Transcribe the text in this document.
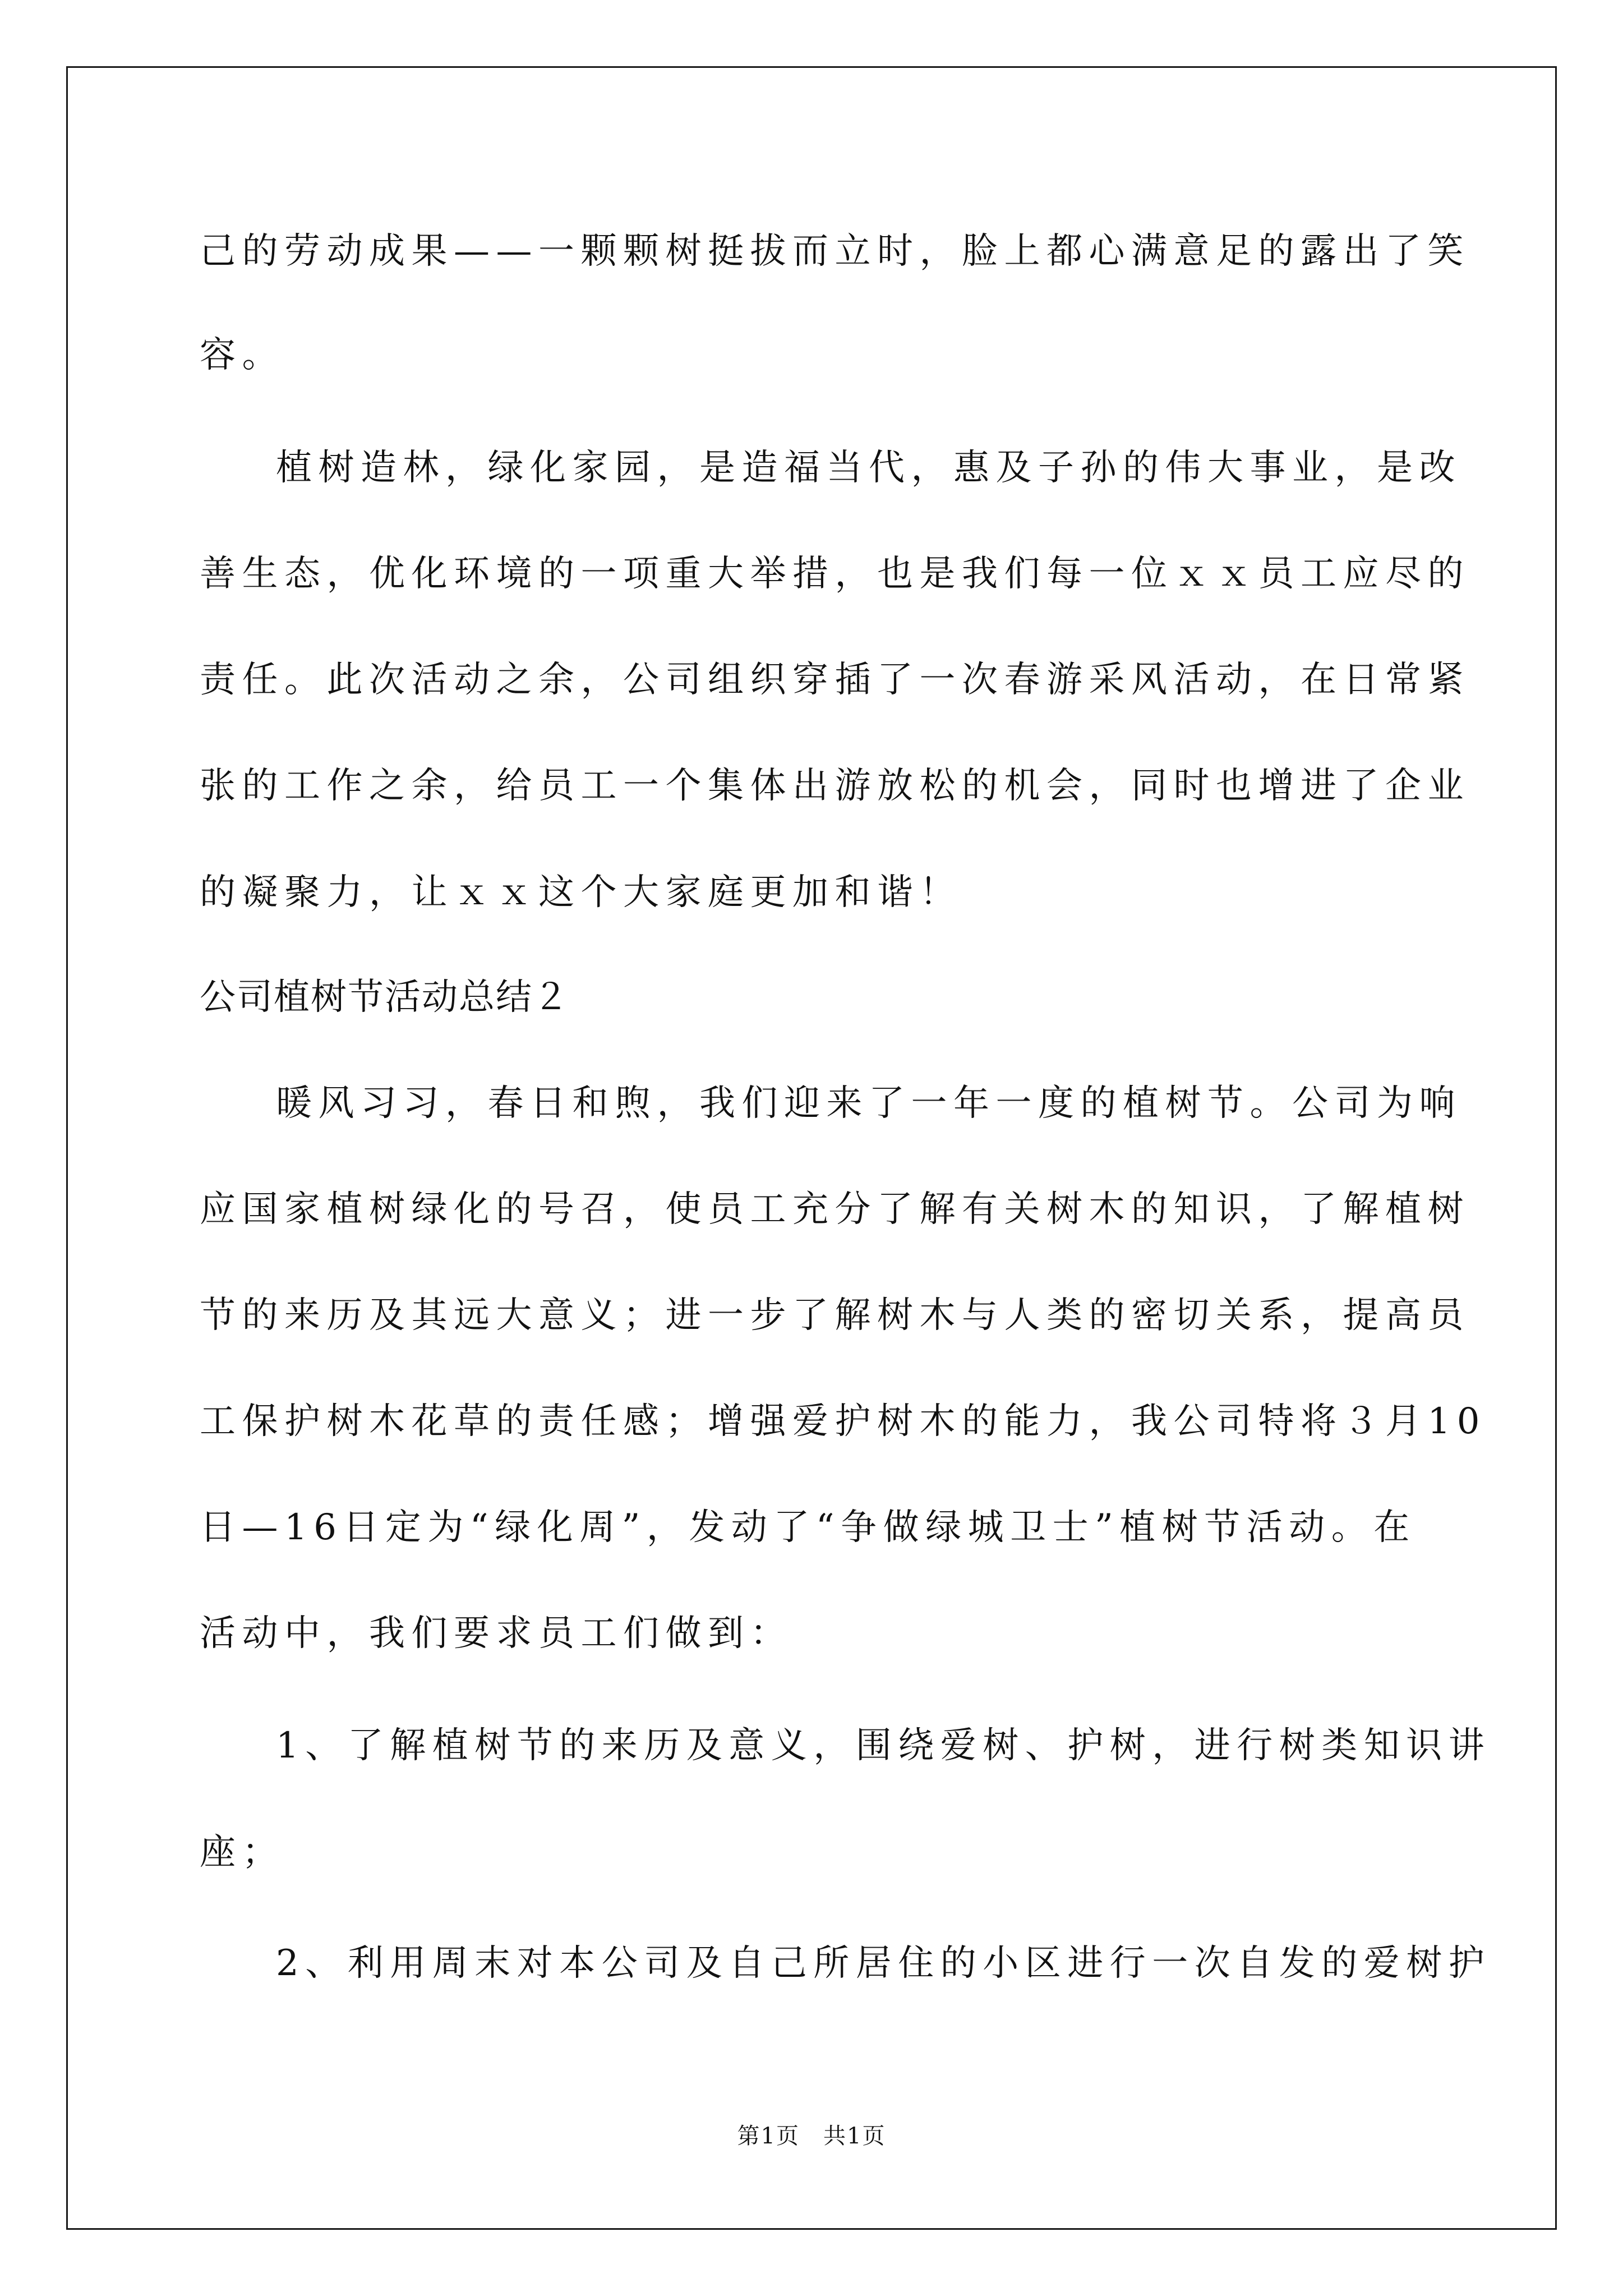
己的劳动成果——一颗颗树挺拔而立时，脸上都心满意足的露出了笑
容。
植树造林，绿化家园，是造福当代，惠及子孙的伟大事业，是改
善生态，优化环境的一项重大举措，也是我们每一位ｘｘ员工应尽的
责任。此次活动之余，公司组织穿插了一次春游采风活动，在日常紧
张的工作之余，给员工一个集体出游放松的机会，同时也增进了企业
的凝聚力，让ｘｘ这个大家庭更加和谐！
公司植树节活动总结２
暖风习习，春日和煦，我们迎来了一年一度的植树节。公司为响
应国家植树绿化的号召，使员工充分了解有关树木的知识，了解植树
节的来历及其远大意义；进一步了解树木与人类的密切关系，提高员
工保护树木花草的责任感；增强爱护树木的能力，我公司特将３月10
日—16日定为“绿化周”，发动了“争做绿城卫士”植树节活动。在
活动中，我们要求员工们做到：
1、了解植树节的来历及意义，围绕爱树、护树，进行树类知识讲
座；
2、利用周末对本公司及自己所居住的小区进行一次自发的爱树护
第1页　共1页
